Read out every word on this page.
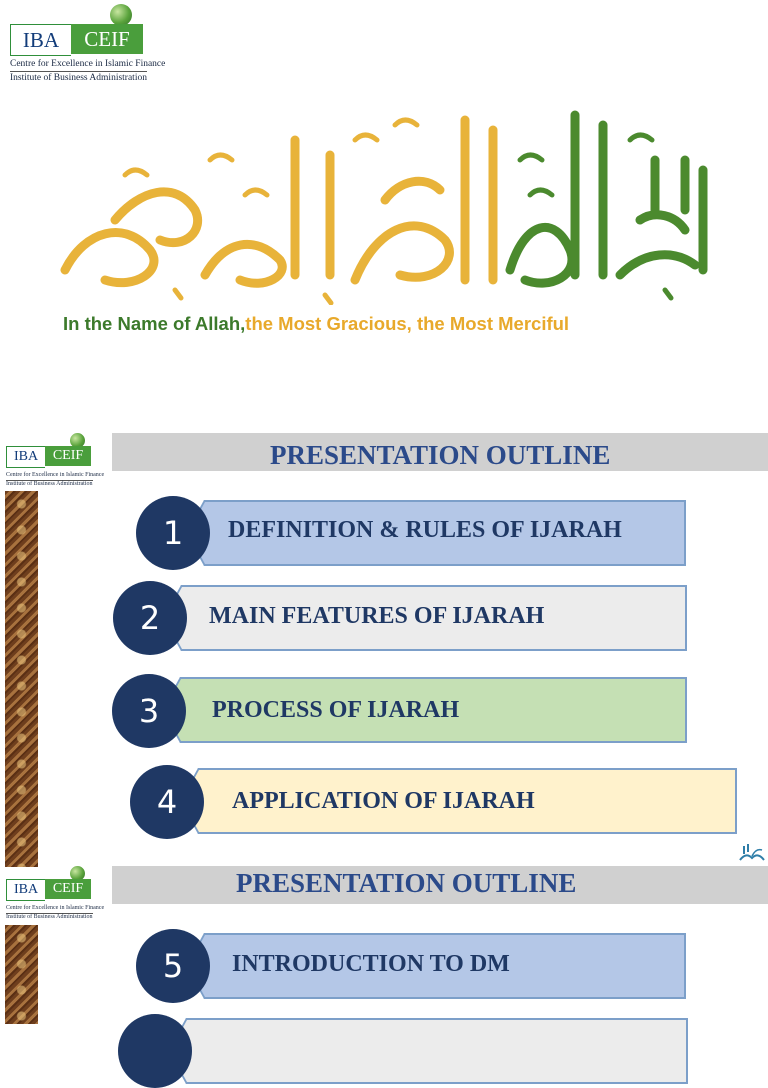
IBA	CEIF
Centre for Excellence in Islamic Finance
Institute of Business Administration
In the Name of Allah,the Most Gracious, the Most Merciful
IBA	CEIF
Centre for Excellence in Islamic Finance
Institute of Business Administration
PRESENTATION OUTLINE
1	DEFINITION & RULES OF IJARAH
2	MAIN FEATURES OF IJARAH
3	PROCESS OF IJARAH
4	APPLICATION OF IJARAH
IBA	CEIF
Centre for Excellence in Islamic Finance
Institute of Business Administration
PRESENTATION OUTLINE
5	INTRODUCTION TO DM
